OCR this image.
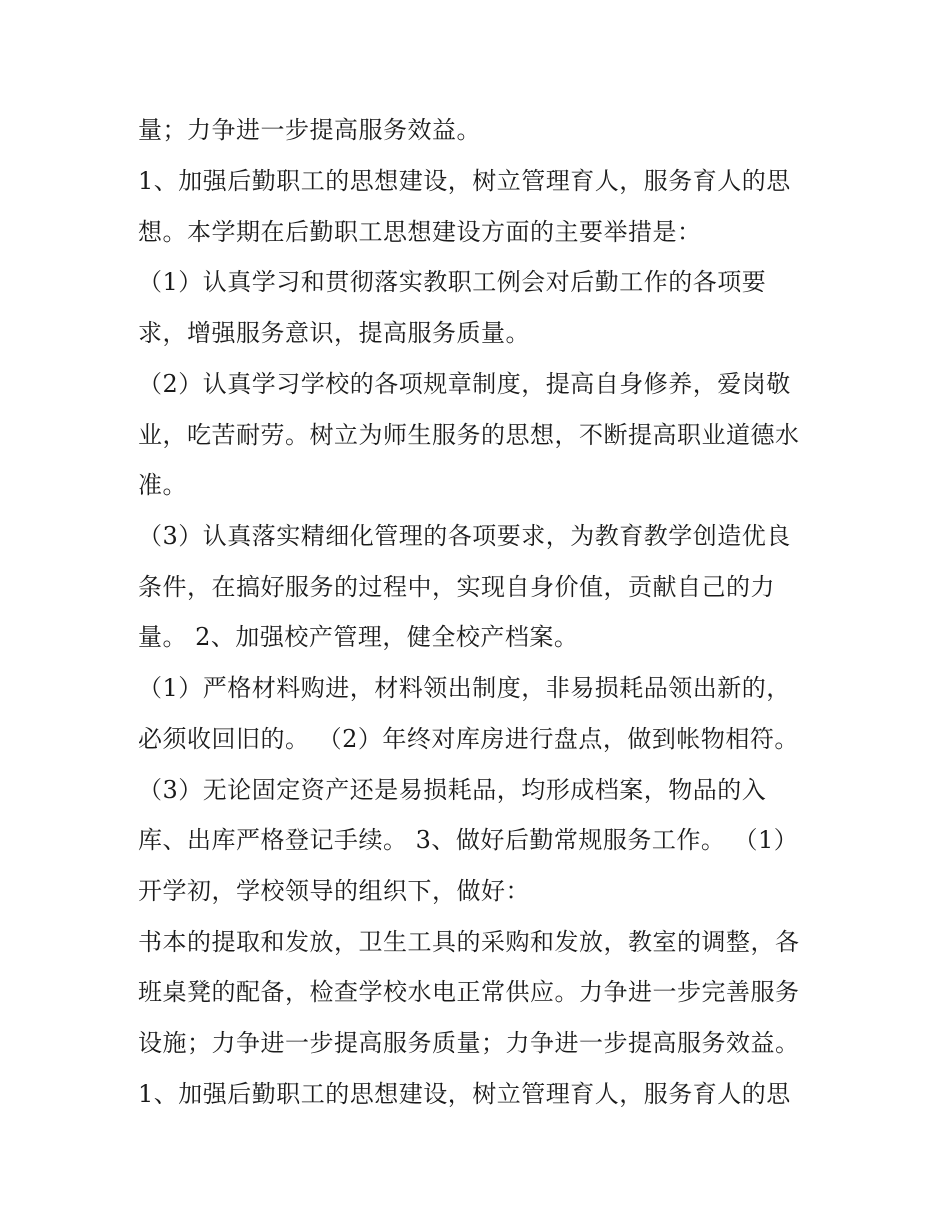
量；力争进一步提高服务效益。
1、加强后勤职工的思想建设，树立管理育人，服务育人的思
想。本学期在后勤职工思想建设方面的主要举措是：
（1）认真学习和贯彻落实教职工例会对后勤工作的各项要
求，增强服务意识，提高服务质量。
（2）认真学习学校的各项规章制度，提高自身修养，爱岗敬
业，吃苦耐劳。树立为师生服务的思想，不断提高职业道德水
准。
（3）认真落实精细化管理的各项要求，为教育教学创造优良
条件，在搞好服务的过程中，实现自身价值，贡献自己的力
量。 2、加强校产管理，健全校产档案。
（1）严格材料购进，材料领出制度，非易损耗品领出新的，
必须收回旧的。 （2）年终对库房进行盘点，做到帐物相符。
（3）无论固定资产还是易损耗品，均形成档案，物品的入
库、出库严格登记手续。 3、做好后勤常规服务工作。 （1）
开学初，学校领导的组织下，做好：
书本的提取和发放，卫生工具的采购和发放，教室的调整，各
班桌凳的配备，检查学校水电正常供应。力争进一步完善服务
设施；力争进一步提高服务质量；力争进一步提高服务效益。
1、加强后勤职工的思想建设，树立管理育人，服务育人的思
